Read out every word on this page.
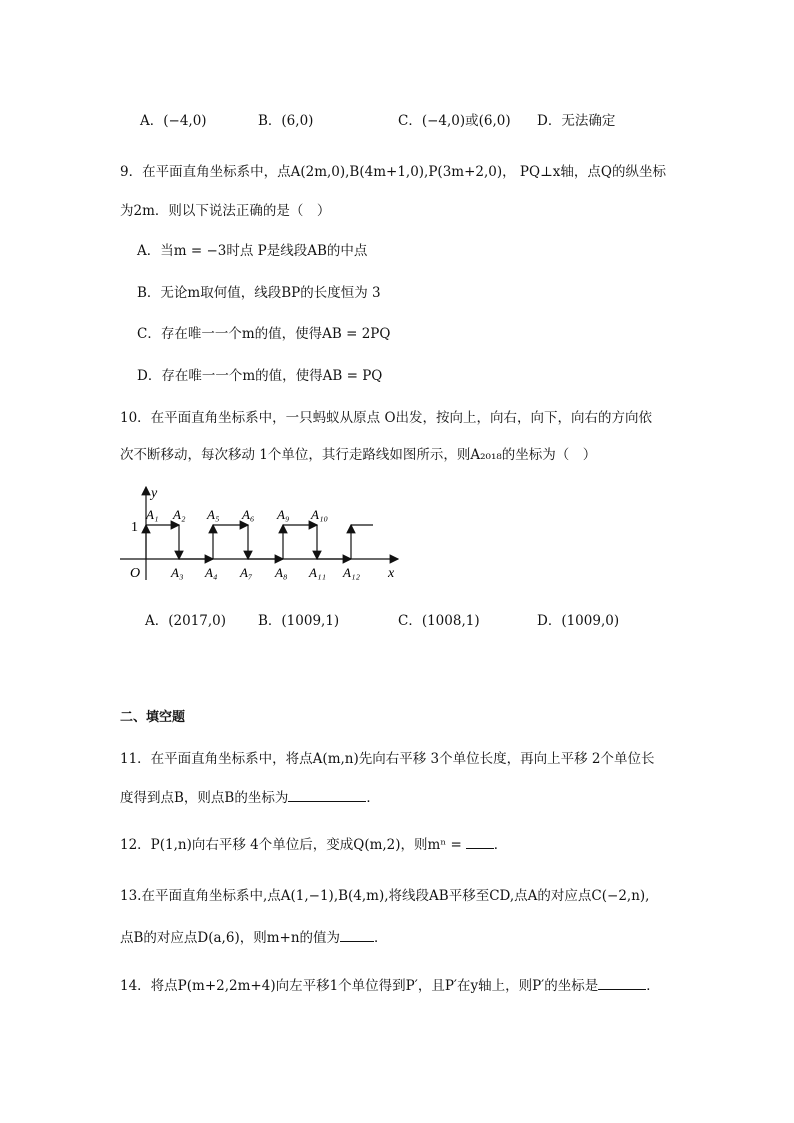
A．(−4,0)	B．(6,0)	C．(−4,0)或(6,0) D．无法确定
9．在平面直角坐标系中，点A(2m,0),B(4m+1,0),P(3m+2,0)， PQ⊥x轴，点Q的纵坐标
为2m．则以下说法正确的是（　）
A．当m = −3时点 P是线段AB的中点
B．无论m取何值，线段BP的长度恒为 3
C．存在唯一一个m的值，使得AB = 2PQ
D．存在唯一一个m的值，使得AB = PQ
10．在平面直角坐标系中，一只蚂蚁从原点 O出发，按向上，向右，向下，向右的方向依
次不断移动，每次移动 1个单位，其行走路线如图所示，则A₂₀₁₈的坐标为（　）
y
x
O
1
A₁ A₂ A₅ A₆ A₉ A₁₀
A₃ A₄ A₇ A₈ A₁₁ A₁₂
A．(2017,0) B．(1009,1)	C．(1008,1)	D．(1009,0)
二、填空题
11．在平面直角坐标系中，将点A(m,n)先向右平移 3个单位长度，再向上平移 2个单位长
度得到点B，则点B的坐标为	．
12．P(1,n)向右平移 4个单位后，变成Q(m,2)，则mⁿ = ．
13.在平面直角坐标系中,点A(1,−1),B(4,m),将线段AB平移至CD,点A的对应点C(−2,n),
点B的对应点D(a,6)，则m+n的值为	．
14．将点P(m+2,2m+4)向左平移1个单位得到P′，且P′在y轴上，则P′的坐标是	．
